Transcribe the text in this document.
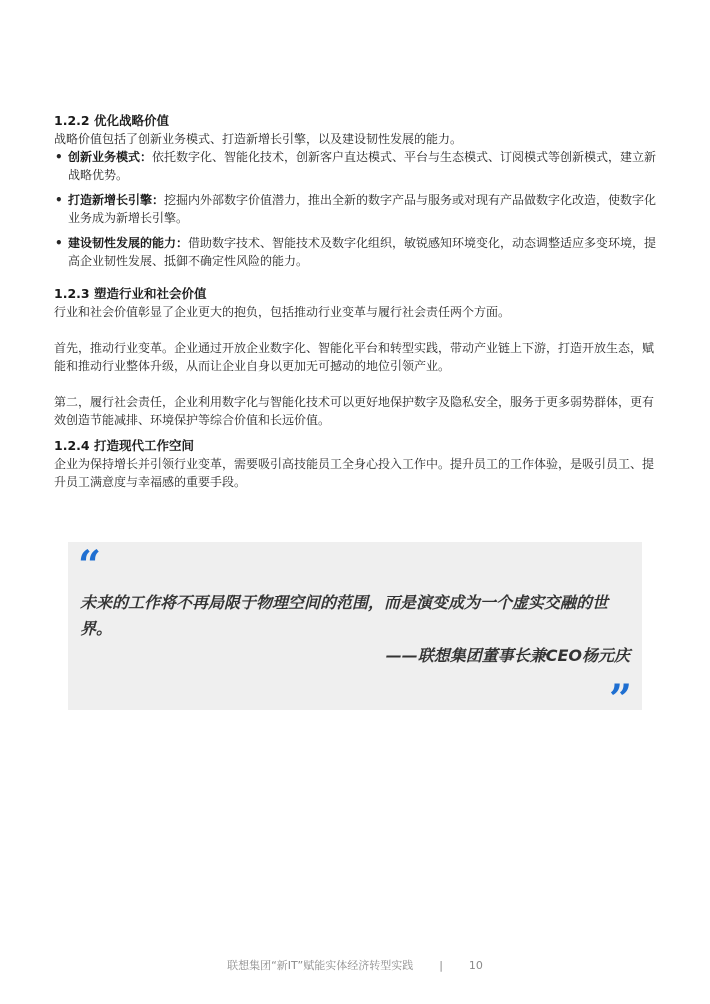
1.2.2 优化战略价值

战略价值包括了创新业务模式、打造新增长引擎，以及建设韧性发展的能力。

• 创新业务模式：依托数字化、智能化技术，创新客户直达模式、平台与生态模式、订阅模式等创新模式，建立新战略优势。
• 打造新增长引擎：挖掘内外部数字价值潜力，推出全新的数字产品与服务或对现有产品做数字化改造，使数字化业务成为新增长引擎。
• 建设韧性发展的能力：借助数字技术、智能技术及数字化组织，敏锐感知环境变化，动态调整适应多变环境，提高企业韧性发展、抵御不确定性风险的能力。
1.2.3 塑造行业和社会价值

行业和社会价值彰显了企业更大的抱负，包括推动行业变革与履行社会责任两个方面。

首先，推动行业变革。企业通过开放企业数字化、智能化平台和转型实践，带动产业链上下游，打造开放生态，赋能和推动行业整体升级，从而让企业自身以更加无可撼动的地位引领产业。

第二，履行社会责任，企业利用数字化与智能化技术可以更好地保护数字及隐私安全，服务于更多弱势群体，更有效创造节能减排、环境保护等综合价值和长远价值。

1.2.4 打造现代工作空间

企业为保持增长并引领行业变革，需要吸引高技能员工全身心投入工作中。提升员工的工作体验，是吸引员工、提升员工满意度与幸福感的重要手段。

“

未来的工作将不再局限于物理空间的范围，而是演变成为一个虚实交融的世界。

——联想集团董事长兼CEO杨元庆

”
联想集团“新IT”赋能实体经济转型实践 | 10
